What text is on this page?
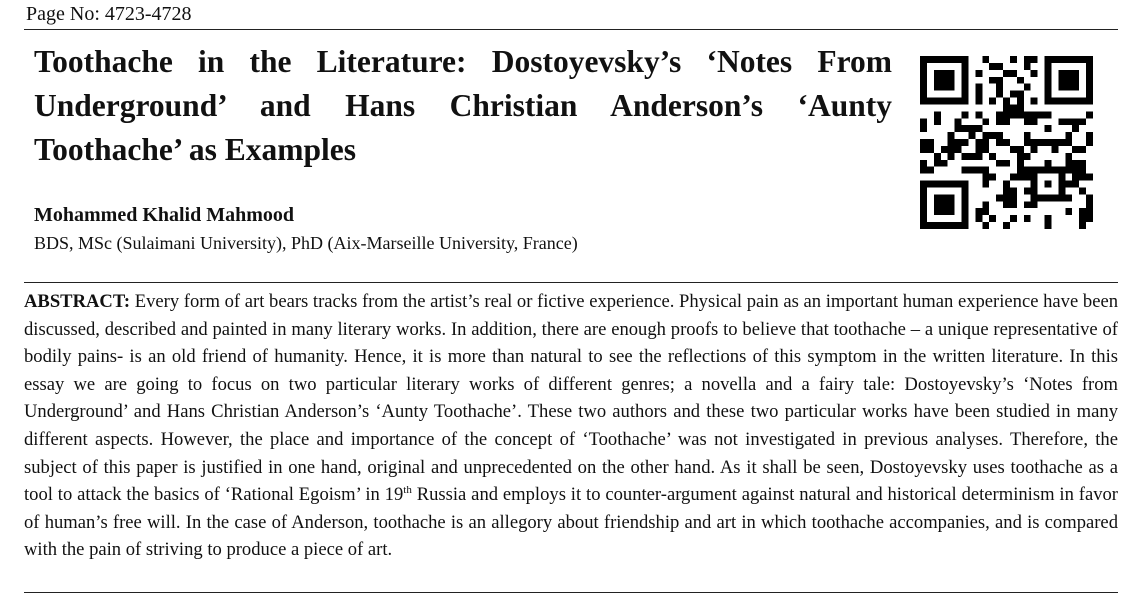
Page No: 4723-4728
Toothache in the Literature: Dostoyevsky’s ‘Notes From Underground’ and Hans Christian Anderson’s ‘Aunty Toothache’ as Examples
Mohammed Khalid Mahmood
BDS, MSc (Sulaimani University), PhD (Aix-Marseille University, France)

ABSTRACT: Every form of art bears tracks from the artist’s real or fictive experience. Physical pain as an important human experience have been discussed, described and painted in many literary works. In addition, there are enough proofs to believe that toothache – a unique representative of bodily pains- is an old friend of humanity. Hence, it is more than natural to see the reflections of this symptom in the written literature. In this essay we are going to focus on two particular literary works of different genres; a novella and a fairy tale: Dostoyevsky’s ‘Notes from Underground’ and Hans Christian Anderson’s ‘Aunty Toothache’. These two authors and these two particular works have been studied in many different aspects. However, the place and importance of the concept of ‘Toothache’ was not investigated in previous analyses. Therefore, the subject of this paper is justified in one hand, original and unprecedented on the other hand. As it shall be seen, Dostoyevsky uses toothache as a tool to attack the basics of ‘Rational Egoism’ in 19th Russia and employs it to counter-argument against natural and historical determinism in favor of human’s free will. In the case of Anderson, toothache is an allegory about friendship and art in which toothache accompanies, and is compared with the pain of striving to produce a piece of art.
